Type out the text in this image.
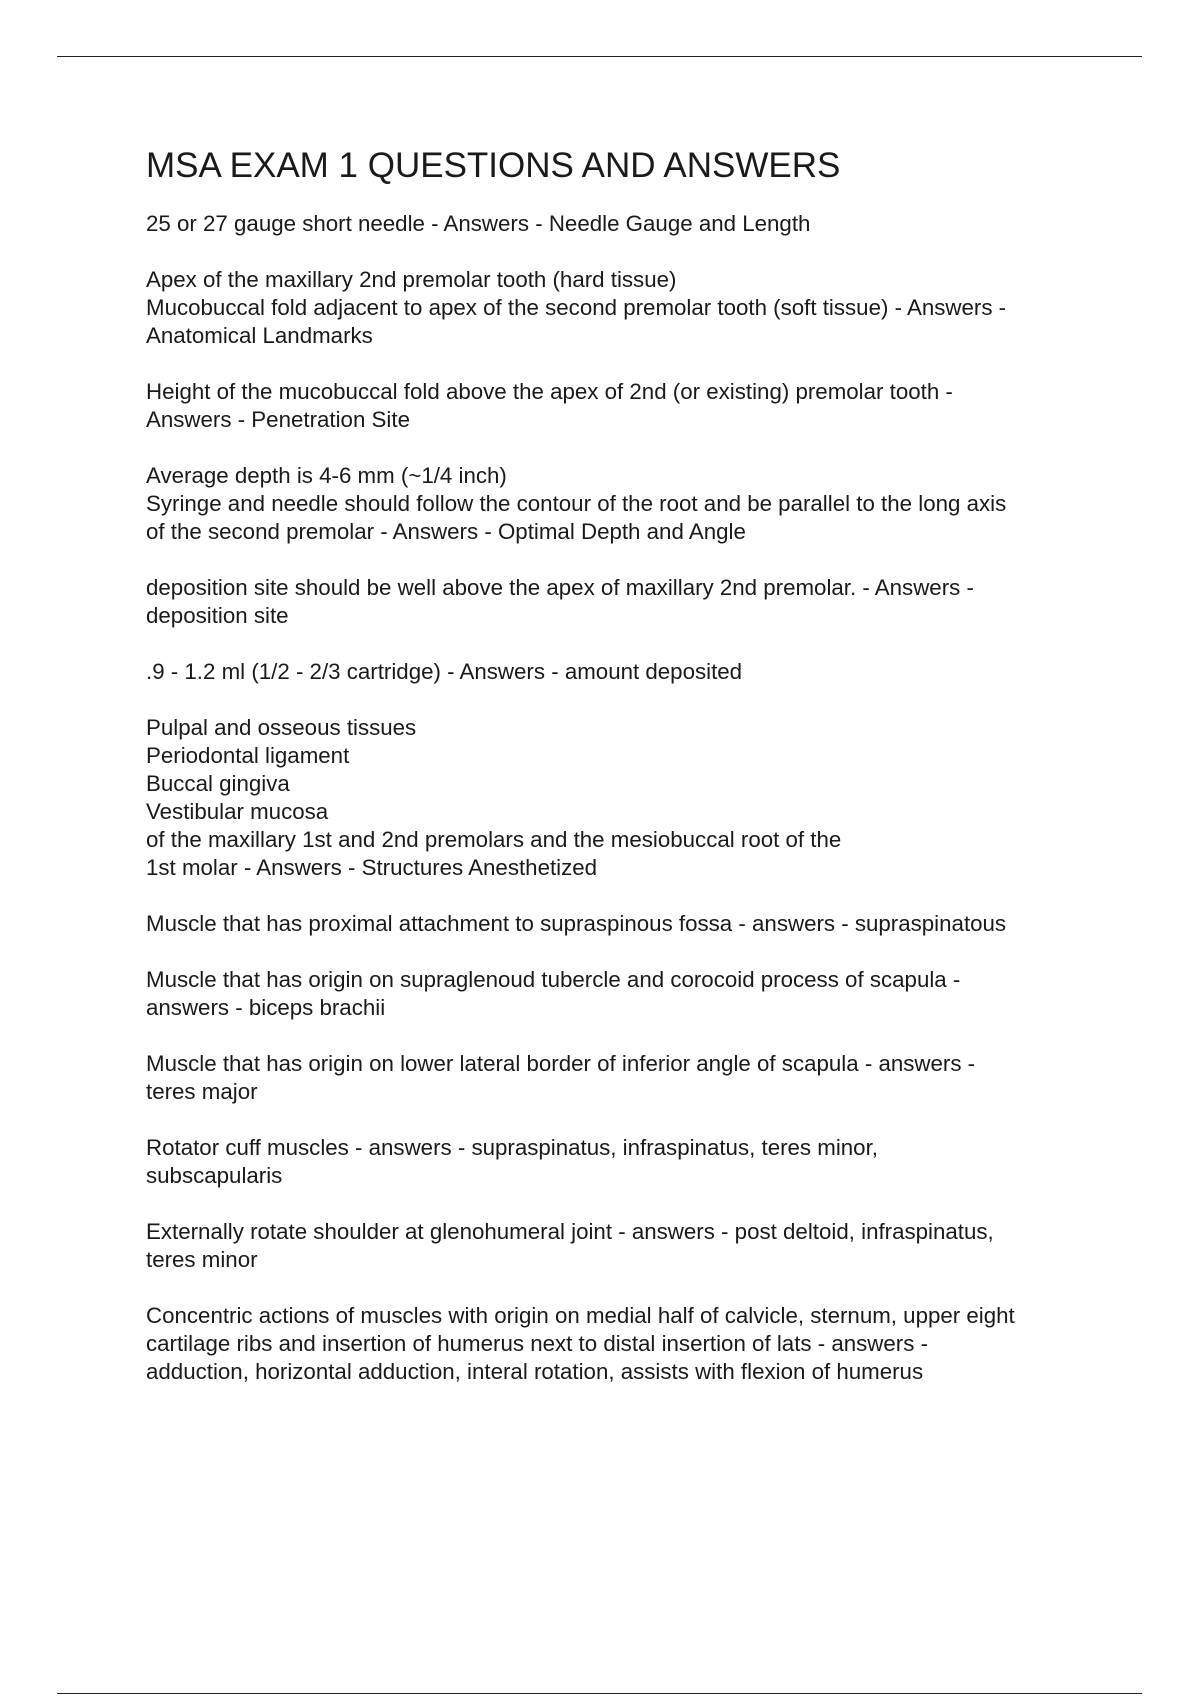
MSA EXAM 1 QUESTIONS AND ANSWERS
25 or 27 gauge short needle - Answers - Needle Gauge and Length
Apex of the maxillary 2nd premolar tooth (hard tissue)
Mucobuccal fold adjacent to apex of the second premolar tooth (soft tissue) - Answers -
Anatomical Landmarks
Height of the mucobuccal fold above the apex of 2nd (or existing) premolar tooth -
Answers - Penetration Site
Average depth is 4-6 mm (~1/4 inch)
Syringe and needle should follow the contour of the root and be parallel to the long axis
of the second premolar - Answers - Optimal Depth and Angle
deposition site should be well above the apex of maxillary 2nd premolar. - Answers -
deposition site
.9 - 1.2 ml (1/2 - 2/3 cartridge) - Answers - amount deposited
Pulpal and osseous tissues
Periodontal ligament
Buccal gingiva
Vestibular mucosa
of the maxillary 1st and 2nd premolars and the mesiobuccal root of the
1st molar - Answers - Structures Anesthetized
Muscle that has proximal attachment to supraspinous fossa - answers - supraspinatous
Muscle that has origin on supraglenoud tubercle and corocoid process of scapula -
answers - biceps brachii
Muscle that has origin on lower lateral border of inferior angle of scapula - answers -
teres major
Rotator cuff muscles - answers - supraspinatus, infraspinatus, teres minor,
subscapularis
Externally rotate shoulder at glenohumeral joint - answers - post deltoid, infraspinatus,
teres minor
Concentric actions of muscles with origin on medial half of calvicle, sternum, upper eight
cartilage ribs and insertion of humerus next to distal insertion of lats - answers -
adduction, horizontal adduction, interal rotation, assists with flexion of humerus
